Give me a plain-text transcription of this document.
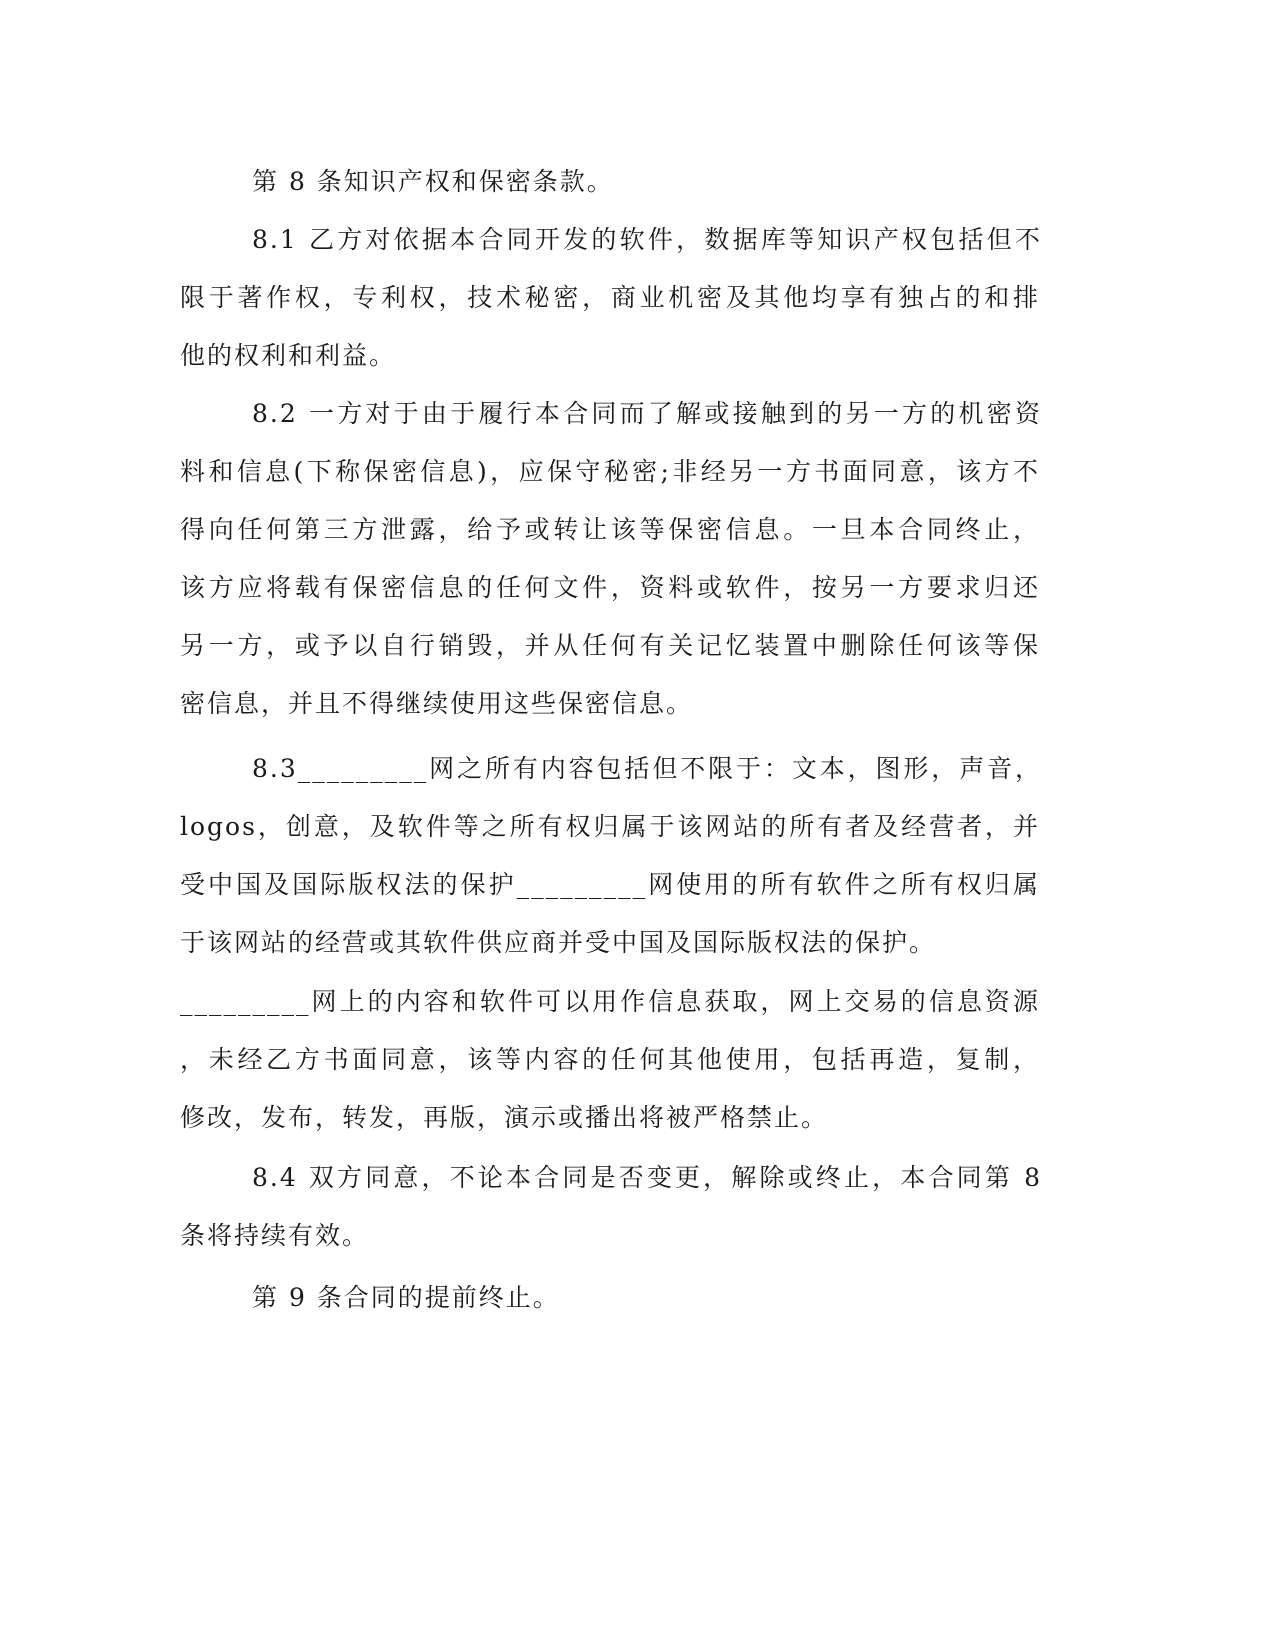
第 8 条知识产权和保密条款。
8.1 乙方对依据本合同开发的软件，数据库等知识产权包括但不
限于著作权，专利权，技术秘密，商业机密及其他均享有独占的和排
他的权利和利益。
8.2 一方对于由于履行本合同而了解或接触到的另一方的机密资
料和信息(下称保密信息)，应保守秘密;非经另一方书面同意，该方不
得向任何第三方泄露，给予或转让该等保密信息。一旦本合同终止，
该方应将载有保密信息的任何文件，资料或软件，按另一方要求归还
另一方，或予以自行销毁，并从任何有关记忆装置中删除任何该等保
密信息，并且不得继续使用这些保密信息。
8.3_________网之所有内容包括但不限于：文本，图形，声音，
logos，创意，及软件等之所有权归属于该网站的所有者及经营者，并
受中国及国际版权法的保护_________网使用的所有软件之所有权归属
于该网站的经营或其软件供应商并受中国及国际版权法的保护。
_________网上的内容和软件可以用作信息获取，网上交易的信息资源
，未经乙方书面同意，该等内容的任何其他使用，包括再造，复制，
修改，发布，转发，再版，演示或播出将被严格禁止。
8.4 双方同意，不论本合同是否变更，解除或终止，本合同第 8
条将持续有效。
第 9 条合同的提前终止。
